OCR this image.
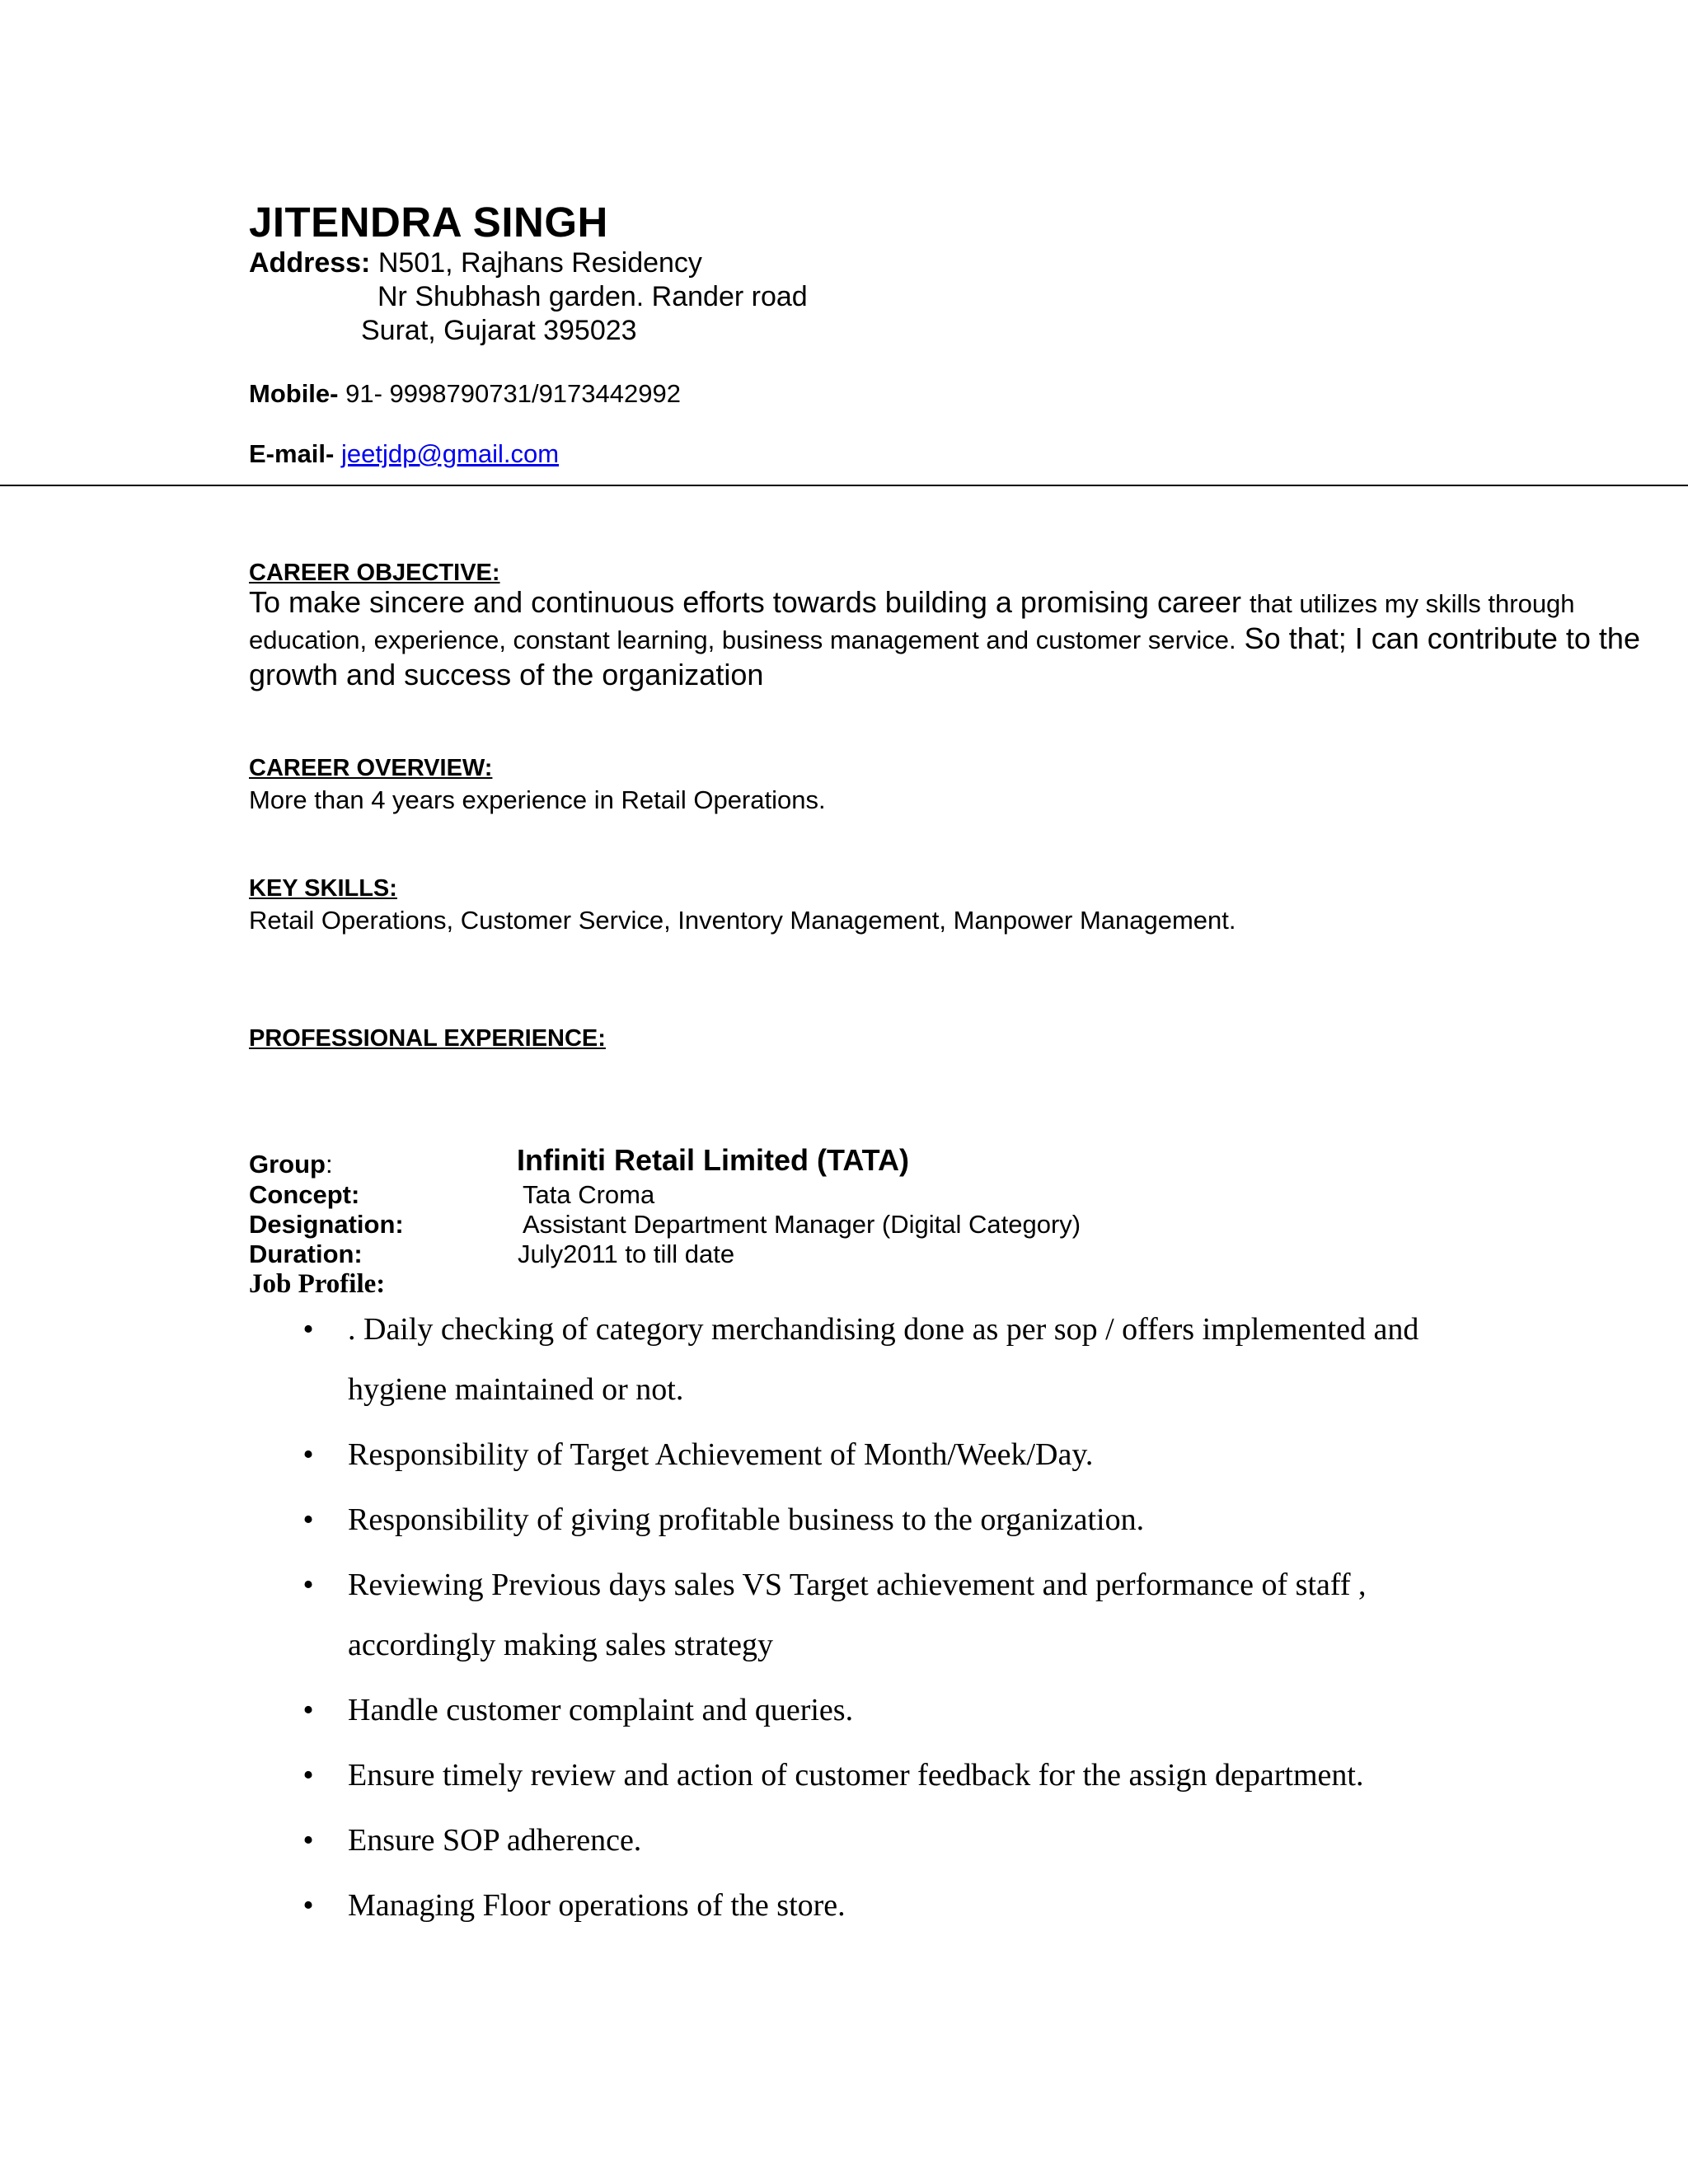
JITENDRA SINGH
Address: N501, Rajhans Residency
Nr Shubhash garden. Rander road
Surat, Gujarat 395023
Mobile- 91- 9998790731/9173442992
E-mail- jeetjdp@gmail.com
CAREER OBJECTIVE:
To make sincere and continuous efforts towards building a promising career that utilizes my skills through education, experience, constant learning, business management and customer service. So that; I can contribute to the growth and success of the organization
CAREER OVERVIEW:
More than 4 years experience in Retail Operations.
KEY SKILLS:
Retail Operations, Customer Service, Inventory Management, Manpower Management.
PROFESSIONAL EXPERIENCE:
Group:	Infiniti Retail Limited (TATA)
Concept:	Tata Croma
Designation:	Assistant Department Manager (Digital Category)
Duration:	July2011 to till date
Job Profile:
• . Daily checking of category merchandising done as per sop / offers implemented and hygiene maintained or not.
• Responsibility of Target Achievement of Month/Week/Day.
• Responsibility of giving profitable business to the organization.
• Reviewing Previous days sales VS Target achievement and performance of staff , accordingly making sales strategy
• Handle customer complaint and queries.
• Ensure timely review and action of customer feedback for the assign department.
• Ensure SOP adherence.
• Managing Floor operations of the store.
